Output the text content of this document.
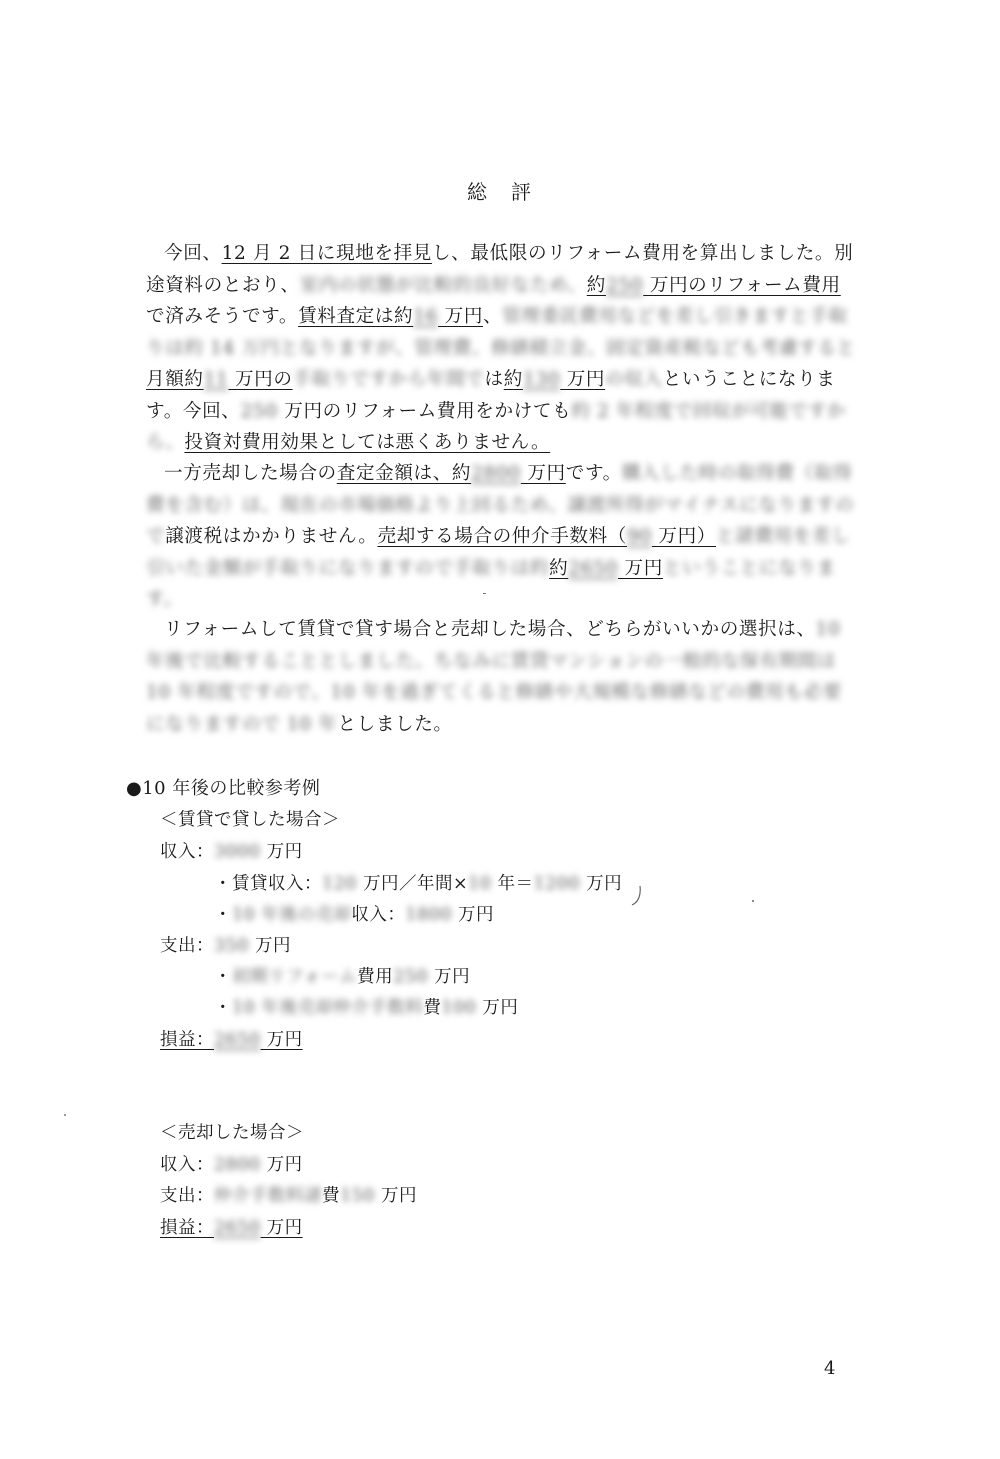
総　評
今回、12 月 2 日に現地を拝見し、最低限のリフォーム費用を算出しました。別途資料のとおり、室内の状態が比較的良好なため、約250 万円のリフォーム費用で済みそうです。賃料査定は約16 万円、管理委託費用などを差し引きますと手取りは約 14 万円となりますが、管理費、修繕積立金、固定資産税なども考慮すると月額約11 万円の手取りですから年間では約130 万円の収入ということになります。今回、250 万円のリフォーム費用をかけても約 2 年程度で回収が可能ですから、投資対費用効果としては悪くありません。
一方売却した場合の査定金額は、約2800 万円です。購入した時の取得費（取得費を含む）は、現在の市場価格より上回るため、譲渡所得がマイナスになりますので譲渡税はかかりません。売却する場合の仲介手数料（90 万円）と諸費用を差し引いた金額が手取りになりますので手取りは約約2650 万円ということになります。
リフォームして賃貸で貸す場合と売却した場合、どちらがいいかの選択は、10 年後で比較することとしました。ちなみに賃貸マンションの一般的な保有期間は 10 年程度ですので、10 年を過ぎてくると修繕や大規模な修繕などの費用も必要になりますので 10 年としました。
●10 年後の比較参考例
＜賃貸で貸した場合＞
収入：3000 万円
・賃貸収入：120 万円／年間×10 年＝1200 万円
・10 年後の売却収入：1800 万円
支出：350 万円
・初期リフォーム費用250 万円
・10 年後売却仲介手数料費100 万円
損益：2650 万円
＜売却した場合＞
収入：2800 万円
支出：仲介手数料諸費150 万円
損益：2650 万円
4
